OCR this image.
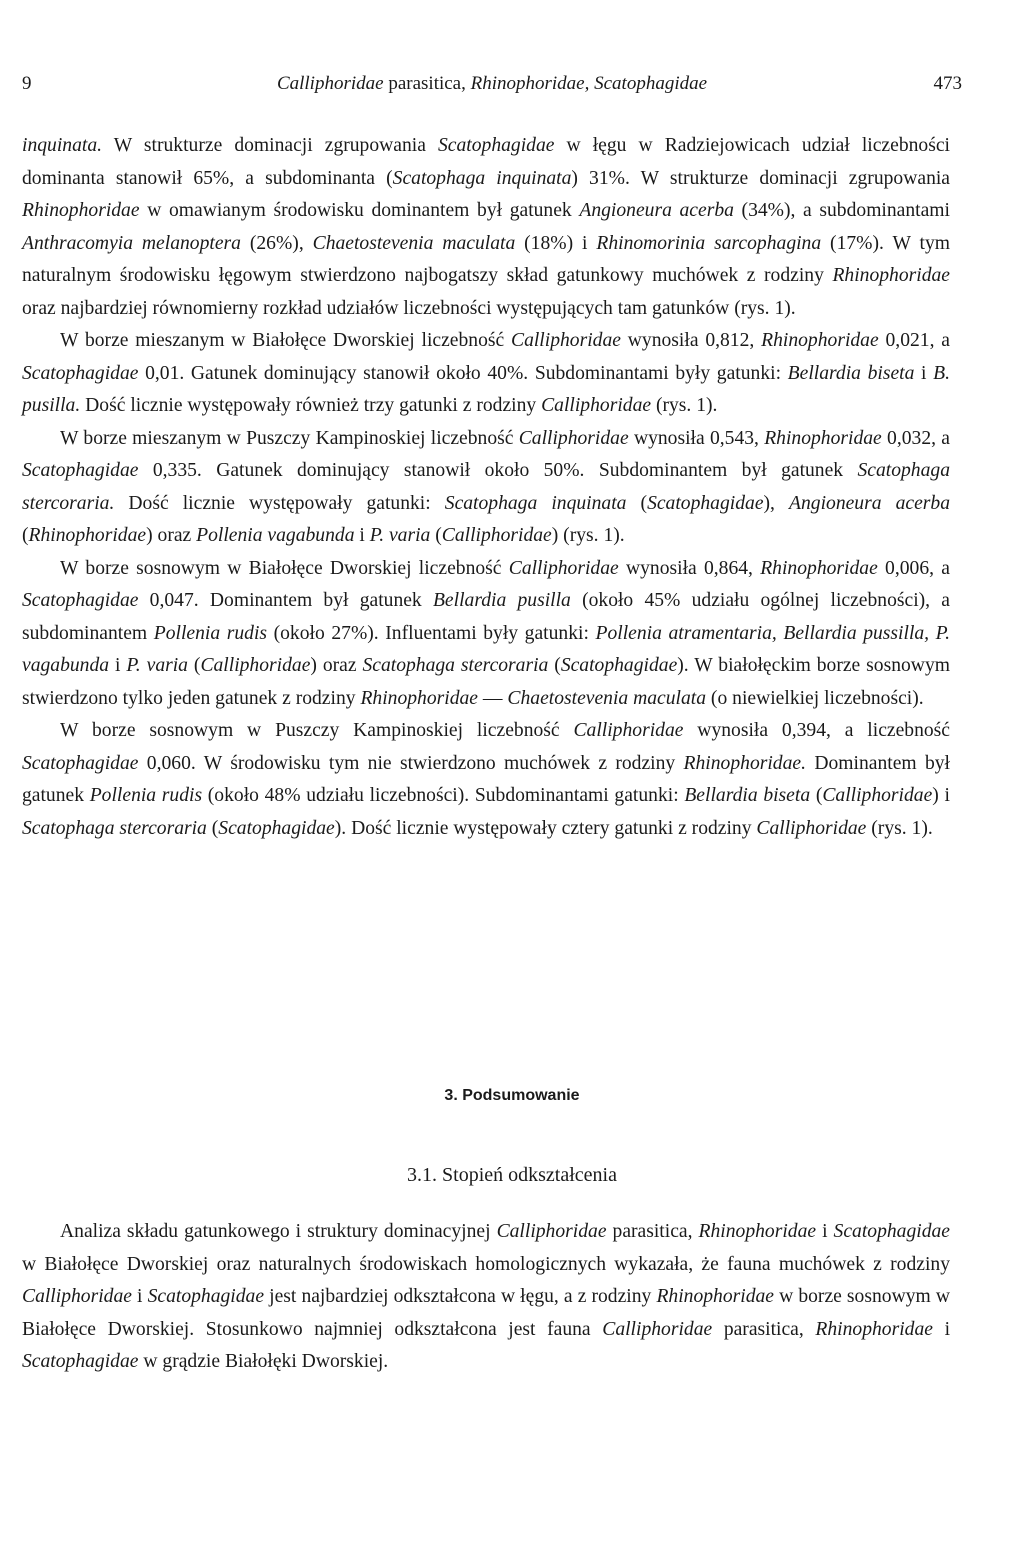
9	Calliphoridae parasitica, Rhinophoridae, Scatophagidae	473

inquinata. W strukturze dominacji zgrupowania Scatophagidae w łęgu w Radziejowicach udział liczebności dominanta stanowił 65%, a subdominanta (Scatophaga inquinata) 31%. W strukturze dominacji zgrupowania Rhinophoridae w omawianym środowisku dominantem był gatunek Angioneura acerba (34%), a subdominantami Anthracomyia melanoptera (26%), Chaetostevenia maculata (18%) i Rhinomorinia sarcophagina (17%). W tym naturalnym środowisku łęgowym stwierdzono najbogatszy skład gatunkowy muchówek z rodziny Rhinophoridae oraz najbardziej równomierny rozkład udziałów liczebności występujących tam gatunków (rys. 1).

W borze mieszanym w Białołęce Dworskiej liczebność Calliphoridae wynosiła 0,812, Rhinophoridae 0,021, a Scatophagidae 0,01. Gatunek dominujący stanowił około 40%. Subdominantami były gatunki: Bellardia biseta i B. pusilla. Dość licznie występowały również trzy gatunki z rodziny Calliphoridae (rys. 1).

W borze mieszanym w Puszczy Kampinoskiej liczebność Calliphoridae wynosiła 0,543, Rhinophoridae 0,032, a Scatophagidae 0,335. Gatunek dominujący stanowił około 50%. Subdominantem był gatunek Scatophaga stercoraria. Dość licznie występowały gatunki: Scatophaga inquinata (Scatophagidae), Angioneura acerba (Rhinophoridae) oraz Pollenia vagabunda i P. varia (Calliphoridae) (rys. 1).

W borze sosnowym w Białołęce Dworskiej liczebność Calliphoridae wynosiła 0,864, Rhinophoridae 0,006, a Scatophagidae 0,047. Dominantem był gatunek Bellardia pusilla (około 45% udziału ogólnej liczebności), a subdominantem Pollenia rudis (około 27%). Influentami były gatunki: Pollenia atramentaria, Bellardia pussilla, P. vagabunda i P. varia (Calliphoridae) oraz Scatophaga stercoraria (Scatophagidae). W białołęckim borze sosnowym stwierdzono tylko jeden gatunek z rodziny Rhinophoridae — Chaetostevenia maculata (o niewielkiej liczebności).

W borze sosnowym w Puszczy Kampinoskiej liczebność Calliphoridae wynosiła 0,394, a liczebność Scatophagidae 0,060. W środowisku tym nie stwierdzono muchówek z rodziny Rhinophoridae. Dominantem był gatunek Pollenia rudis (około 48% udziału liczebności). Subdominantami gatunki: Bellardia biseta (Calliphoridae) i Scatophaga stercoraria (Scatophagidae). Dość licznie występowały cztery gatunki z rodziny Calliphoridae (rys. 1).

3. Podsumowanie
3.1. Stopień odkształcenia

Analiza składu gatunkowego i struktury dominacyjnej Calliphoridae parasitica, Rhinophoridae i Scatophagidae w Białołęce Dworskiej oraz naturalnych środowiskach homologicznych wykazała, że fauna muchówek z rodziny Calliphoridae i Scatophagidae jest najbardziej odkształcona w łęgu, a z rodziny Rhinophoridae w borze sosnowym w Białołęce Dworskiej. Stosunkowo najmniej odkształcona jest fauna Calliphoridae parasitica, Rhinophoridae i Scatophagidae w grądzie Białołęki Dworskiej.
